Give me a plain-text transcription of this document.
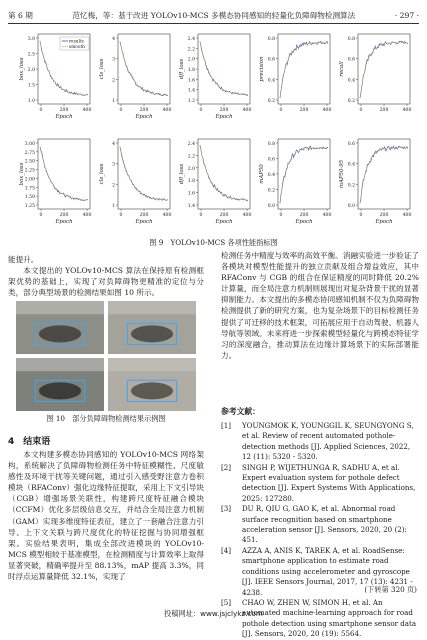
第 6 期	范忆梅，等：基于改进 YOLOv10-MCS 多模态协同感知的轻量化负障碍物检测算法	· 297 ·
3.0
2.5
2.0
1.5
1.0
0	200	400
box_loss
Epoch
results
smooth
4
3
2
1
0	200	400
cls_loss
Epoch
2.4
2.2
2.0
1.8
1.6
1.4
1.2
0	200	400
dfl_loss
Epoch
0.8
0.6
0.4
0.2
0	200	400
precision
0.8
0.6
0.4
0.2
0	200	400
recall
3.00
2.75
2.50
2.25
2.00
1.75
1.50
1.25
0	200	400
box_loss
Epoch
4
3
2
1
0	200	400
cls_loss
Epoch
2.4
2.2
2.0
1.8
1.6
1.4
0	200	400
dfl_loss
Epoch
0.8
0.6
0.4
0.2
0.0
0	200	400
mAP50
Epoch
0.6
0.4
0.2
0.0
0	200	400
mAP50-95
Epoch
图 9　YOLOv10-MCS 各项性能指标图

能提升。

本文提出的 YOLOv10-MCS 算法在保持原有检测框架优势的基础上，实现了对负障碍物更精准的定位与分类，部分典型场景的检测结果如图 10 所示。

图 10　部分负障碍物检测结果示例图
4　结束语

本文构建多模态协同感知的 YOLOv10-MCS 网络架构，系统解决了负障碍物检测任务中特征模糊性、尺度敏感性及环境干扰等关键问题，通过引入感受野注意力卷积模块（RFAConv）强化边缘特征提取，采用上下文引导块（CGB）增强场景关联性，构建跨尺度特征融合模块（CCFM）优化多层级信息交互，并结合全局注意力机制（GAM）实现多维度特征表征，建立了一套融合注意力引导、上下文关联与跨尺度优化的特征挖掘与协同增强框架。实验结果表明，集成全部改进模块的 YOLOv10-MCS 模型相较于基准模型，在检测精度与计算效率上取得显著突破，精确率提升至 88.13%，mAP 提高 3.3%，同时浮点运算量降低 32.1%，实现了

检测任务中精度与效率的高效平衡。消融实验进一步验证了各模块对模型性能提升的独立贡献及组合增益效应，其中 RFAConv 与 CGB 的组合在保证精度的同时降低 20.2%计算量，而全局注意力机制则展现出对复杂背景干扰的显著抑制能力。本文提出的多模态协同感知机制不仅为负障碍物检测提供了新的研究方案，也为复杂场景下的目标检测任务提供了可迁移的技术框架，可拓展应用于自动驾驶、机器人导航等领域。未来将进一步探索模型轻量化与跨模态特征学习的深度融合，推动算法在边缘计算场景下的实际部署能力。

参考文献：
[1]	YOUNGMOK K, YOUNGGIL K, SEUNGYONG S, et al. Review of recent automated pothole-detection methods [J]. Applied Sciences, 2022, 12 (11): 5320 - 5320.
[2]	SINGH P, WIJETHUNGA R, SADHU A, et al. Expert evaluation system for pothole defect detection [J]. Expert Systems With Applications, 2025: 127280.
[3]	DU R, QIU G, GAO K, et al. Abnormal road surface recognition based on smartphone acceleration sensor [J]. Sensors, 2020, 20 (2): 451.
[4]	AZZA A, ANIS K, TAREK A, et al. RoadSense: smartphone application to estimate road conditions using accelerometer and gyroscope [J]. IEEE Sensors Journal, 2017, 17 (13): 4231 - 4238.
[5]	CHAO W, ZHEN W, SIMON H, et al. An automated machine-learning approach for road pothole detection using smartphone sensor data [J]. Sensors, 2020, 20 (19): 5564.
(下转第 320 页)
投稿网址：www.jsjclykz.com
